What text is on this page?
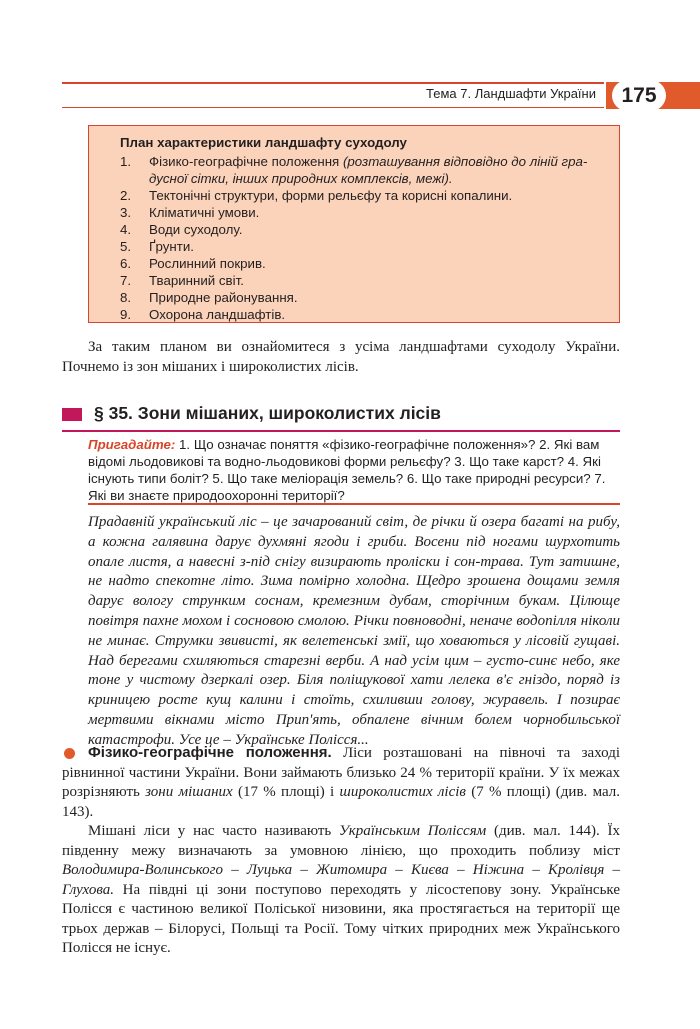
Тема 7. Ландшафти України	175
План характеристики ландшафту суходолу
1. Фізико-географічне положення (розташування відповідно до ліній гра-дусної сітки, інших природних комплексів, межі).
2. Тектонічні структури, форми рельєфу та корисні копалини.
3. Кліматичні умови.
4. Води суходолу.
5. Ґрунти.
6. Рослинний покрив.
7. Тваринний світ.
8. Природне районування.
9. Охорона ландшафтів.
За таким планом ви ознайомитеся з усіма ландшафтами суходолу України. Почнемо із зон мішаних і широколистих лісів.
§ 35. Зони мішаних, широколистих лісів
Пригадайте: 1. Що означає поняття «фізико-географічне положення»? 2. Які вам відомі льодовикові та водно-льодовикові форми рельєфу? 3. Що таке карст? 4. Які існують типи боліт? 5. Що таке меліорація земель? 6. Що таке природні ресурси? 7. Які ви знаєте природоохоронні території?
Прадавній український ліс – це зачарований світ, де річки й озера багаті на рибу, а кожна галявина дарує духмяні ягоди і гриби. Восени під ногами шурхотить опале листя, а навесні з-під снігу визирають проліски і сон-трава. Тут затишне, не надто спекотне літо. Зима помірно холодна. Щедро зрошена дощами земля дарує вологу струнким соснам, кремезним дубам, сторічним букам. Цілюще повітря пахне мохом і сосновою смолою. Річки повноводні, неначе водопілля ніколи не минає. Струмки звивисті, як велетенські змії, що ховаються у лісовій гущаві. Над берегами схиляються старезні верби. А над усім цим – густо-синє небо, яке тоне у чистому дзеркалі озер. Біля поліщукової хати лелека в'є гніздо, поряд із криницею росте кущ калини і стоїть, схиливши голову, журавель. І позирає мертвими вікнами місто Прип'ять, обпалене вічним болем чорнобильської катастрофи. Усе це – Українське Полісся...
Фізико-географічне положення. Ліси розташовані на півночі та заході рівнинної частини України. Вони займають близько 24 % території країни. У їх межах розрізняють зони мішаних (17 % площі) і широколистих лісів (7 % площі) (див. мал. 143).
Мішані ліси у нас часто називають Українським Поліссям (див. мал. 144). Їх південну межу визначають за умовною лінією, що проходить поблизу міст Володимира-Волинського – Луцька – Житомира – Києва – Ніжина – Кролівця – Глухова. На півдні ці зони поступово переходять у лісостепову зону. Українське Полісся є частиною великої Поліської низовини, яка простягається на території ще трьох держав – Білорусі, Польщі та Росії. Тому чітких природних меж Українського Полісся не існує.
